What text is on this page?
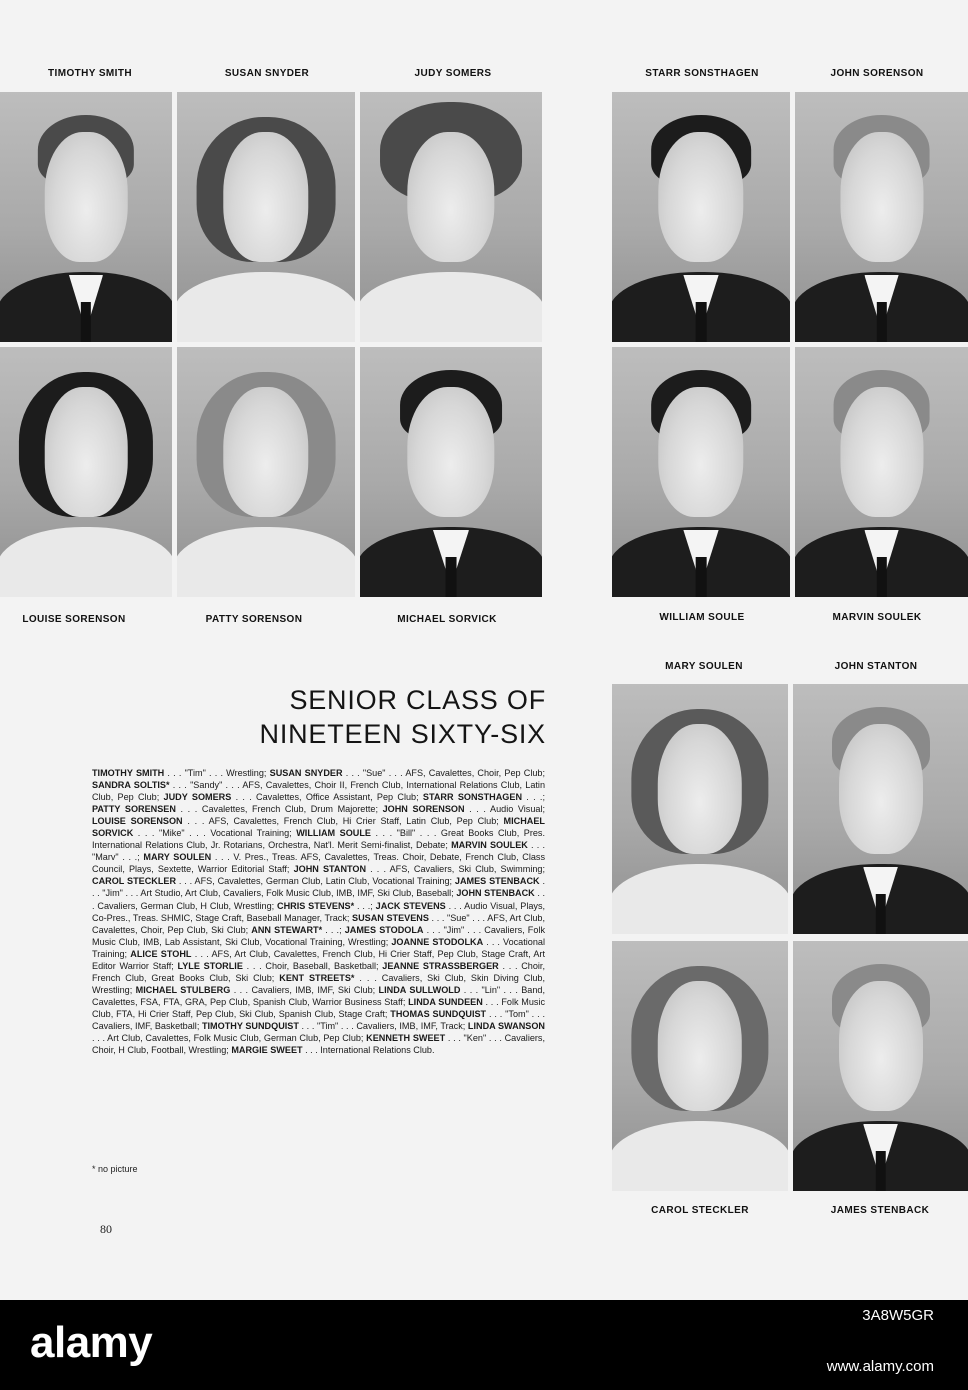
TIMOTHY SMITH	SUSAN SNYDER	JUDY SOMERS	STARR SONSTHAGEN	JOHN SORENSON
LOUISE SORENSON	PATTY SORENSON	MICHAEL SORVICK	WILLIAM SOULE	MARVIN SOULEK
MARY SOULEN	JOHN STANTON
CAROL STECKLER	JAMES STENBACK
SENIOR CLASS OF
NINETEEN SIXTY-SIX
TIMOTHY SMITH . . . "Tim" . . . Wrestling; SUSAN SNYDER . . . "Sue" . . . AFS, Cavalettes, Choir, Pep Club; SANDRA SOLTIS* . . . "Sandy" . . . AFS, Cavalettes, Choir II, French Club, International Relations Club, Latin Club, Pep Club; JUDY SOMERS . . . Cavalettes, Office Assistant, Pep Club; STARR SONSTHAGEN . . .; PATTY SORENSEN . . . Cavalettes, French Club, Drum Majorette; JOHN SORENSON . . . Audio Visual; LOUISE SORENSON . . . AFS, Cavalettes, French Club, Hi Crier Staff, Latin Club, Pep Club; MICHAEL SORVICK . . . "Mike" . . . Vocational Training; WILLIAM SOULE . . . "Bill" . . . Great Books Club, Pres. International Relations Club, Jr. Rotarians, Orchestra, Nat'l. Merit Semi-finalist, Debate; MARVIN SOULEK . . . "Marv" . . .; MARY SOULEN . . . V. Pres., Treas. AFS, Cavalettes, Treas. Choir, Debate, French Club, Class Council, Plays, Sextette, Warrior Editorial Staff; JOHN STANTON . . . AFS, Cavaliers, Ski Club, Swimming; CAROL STECKLER . . . AFS, Cavalettes, German Club, Latin Club, Vocational Training; JAMES STENBACK . . . "Jim" . . . Art Studio, Art Club, Cavaliers, Folk Music Club, IMB, IMF, Ski Club, Baseball; JOHN STENBACK . . . Cavaliers, German Club, H Club, Wrestling; CHRIS STEVENS* . . .; JACK STEVENS . . . Audio Visual, Plays, Co-Pres., Treas. SHMIC, Stage Craft, Baseball Manager, Track; SUSAN STEVENS . . . "Sue" . . . AFS, Art Club, Cavalettes, Choir, Pep Club, Ski Club; ANN STEWART* . . .; JAMES STODOLA . . . "Jim" . . . Cavaliers, Folk Music Club, IMB, Lab Assistant, Ski Club, Vocational Training, Wrestling; JOANNE STODOLKA . . . Vocational Training; ALICE STOHL . . . AFS, Art Club, Cavalettes, French Club, Hi Crier Staff, Pep Club, Stage Craft, Art Editor Warrior Staff; LYLE STORLIE . . . Choir, Baseball, Basketball; JEANNE STRASSBERGER . . . Choir, French Club, Great Books Club, Ski Club; KENT STREETS* . . . Cavaliers, Ski Club, Skin Diving Club, Wrestling; MICHAEL STULBERG . . . Cavaliers, IMB, IMF, Ski Club; LINDA SULLWOLD . . . "Lin" . . . Band, Cavalettes, FSA, FTA, GRA, Pep Club, Spanish Club, Warrior Business Staff; LINDA SUNDEEN . . . Folk Music Club, FTA, Hi Crier Staff, Pep Club, Ski Club, Spanish Club, Stage Craft; THOMAS SUNDQUIST . . . "Tom" . . . Cavaliers, IMF, Basketball; TIMOTHY SUNDQUIST . . . "Tim" . . . Cavaliers, IMB, IMF, Track; LINDA SWANSON . . . Art Club, Cavalettes, Folk Music Club, German Club, Pep Club; KENNETH SWEET . . . "Ken" . . . Cavaliers, Choir, H Club, Football, Wrestling; MARGIE SWEET . . . International Relations Club.
* no picture
80
alamy
3A8W5GR
www.alamy.com
